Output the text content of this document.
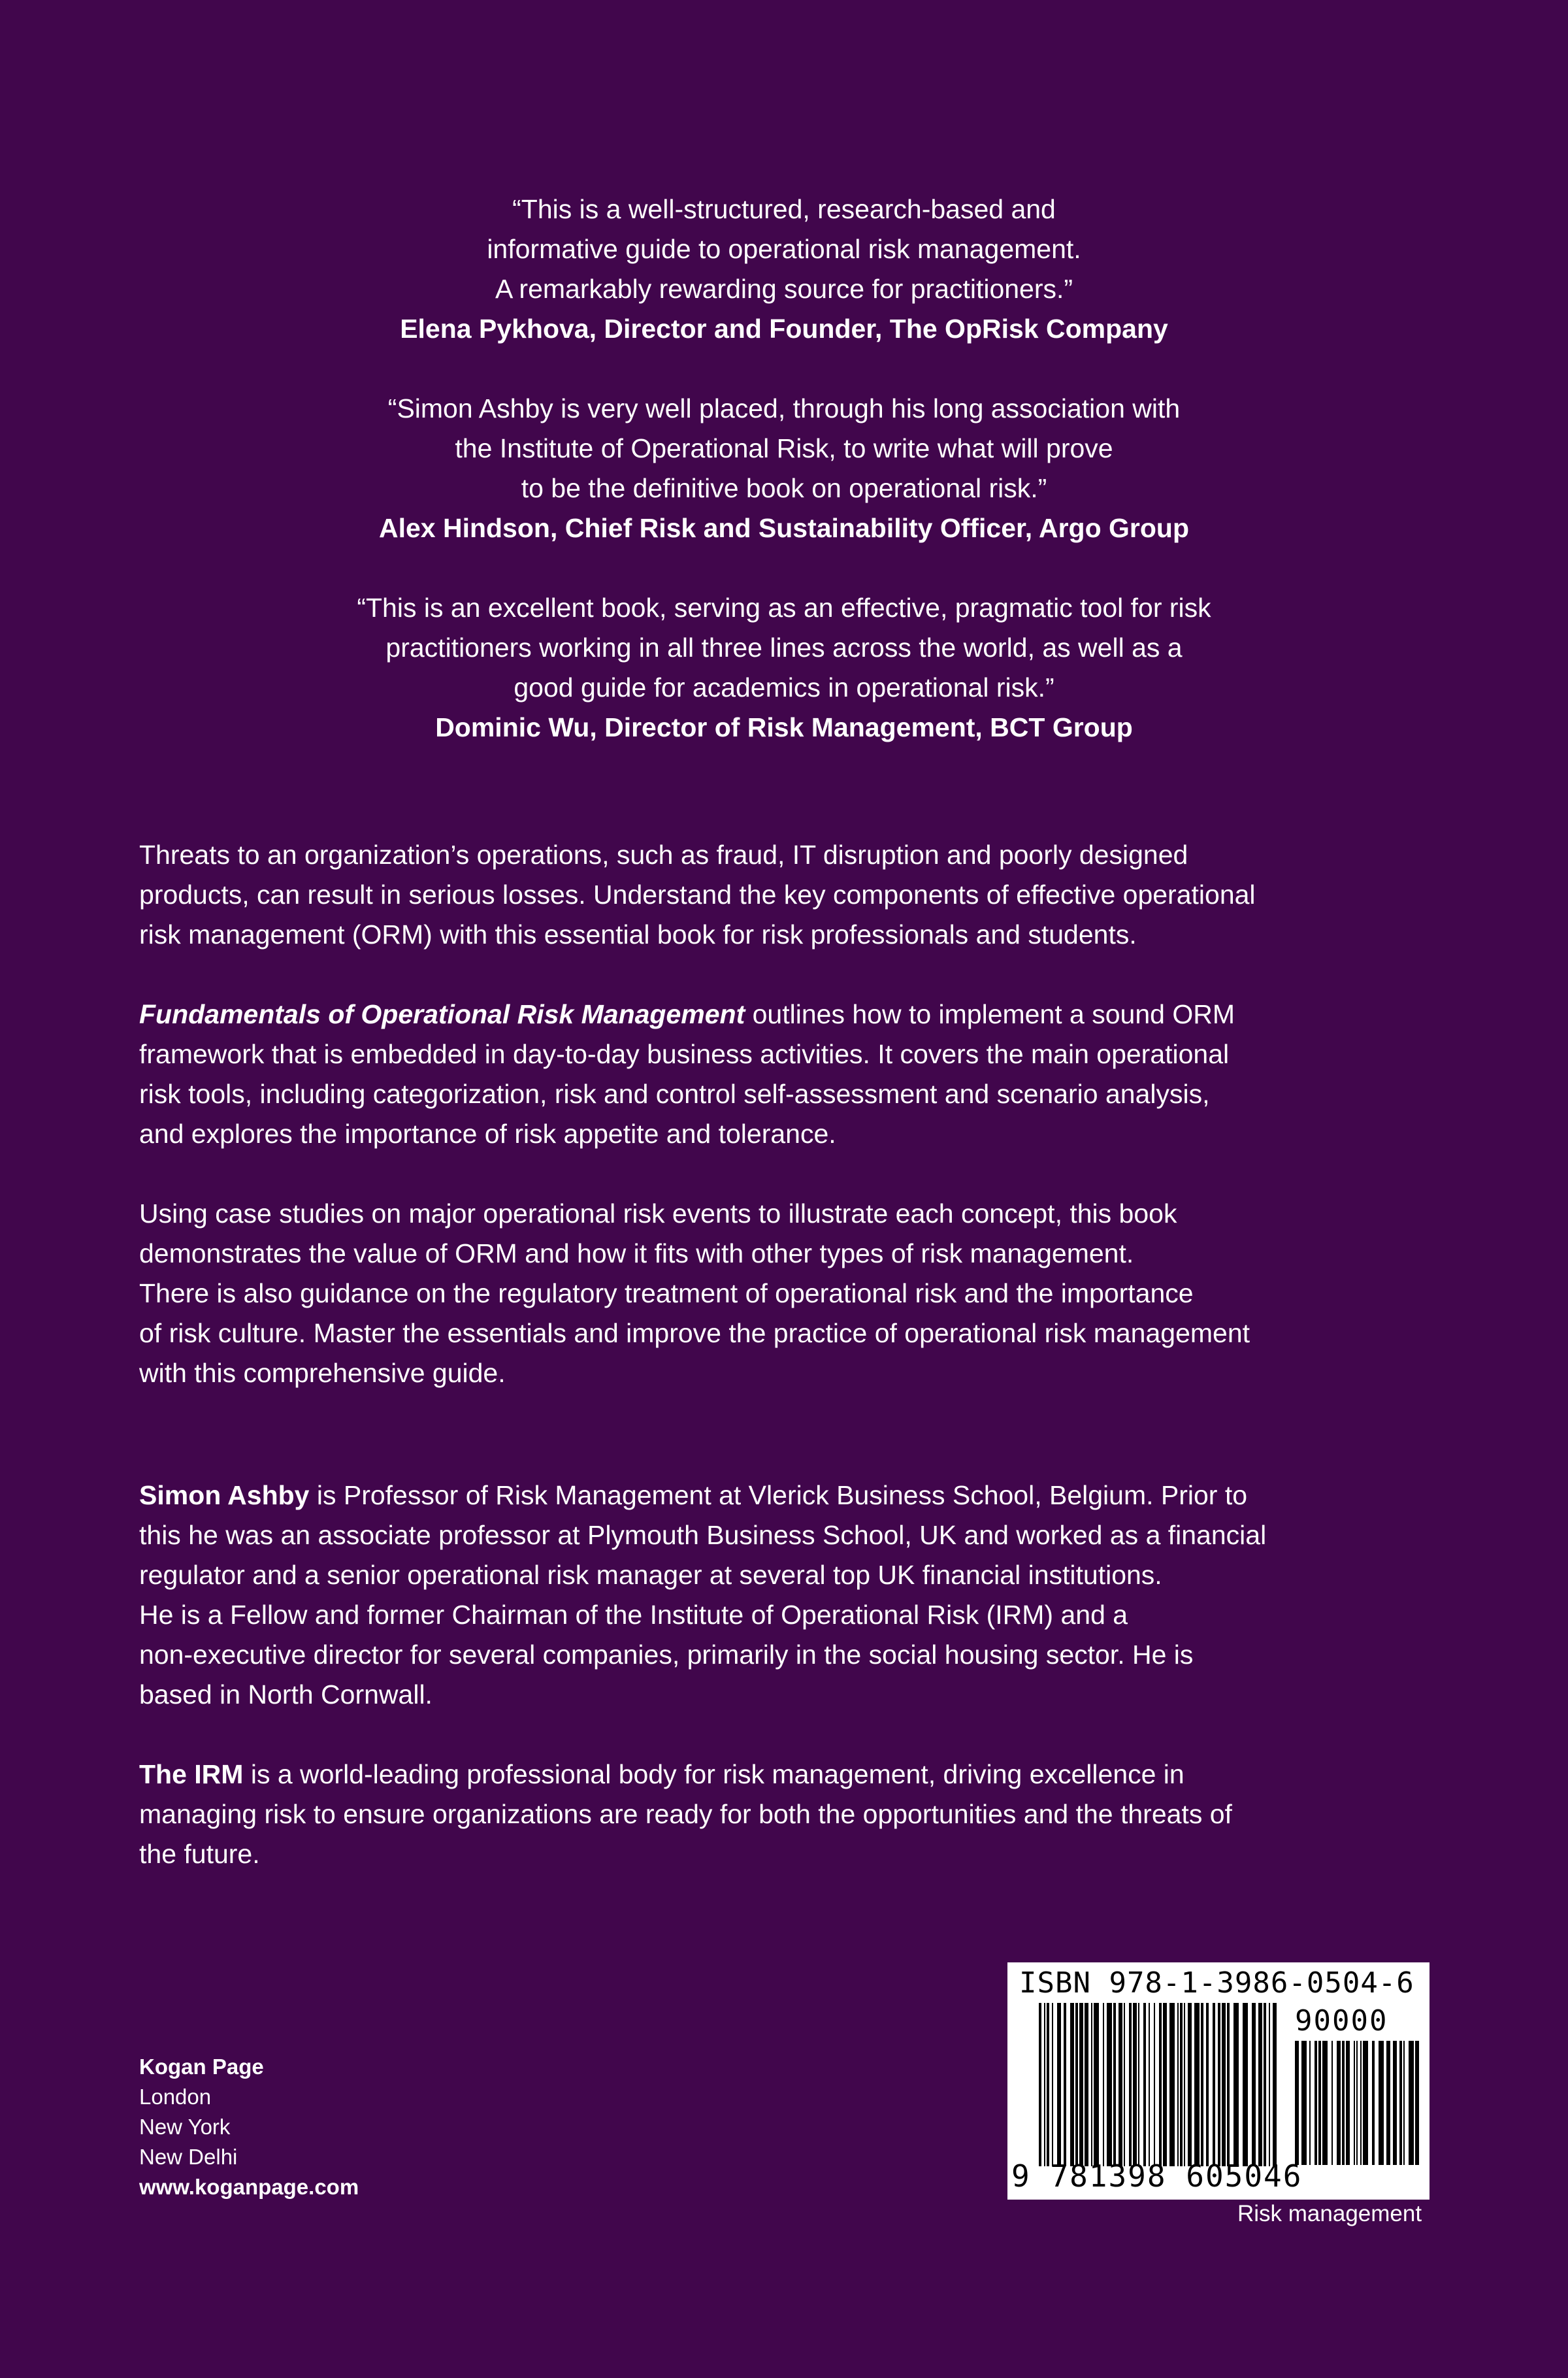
“This is a well-structured, research-based and
informative guide to operational risk management.
A remarkably rewarding source for practitioners.”
Elena Pykhova, Director and Founder, The OpRisk Company
“Simon Ashby is very well placed, through his long association with
the Institute of Operational Risk, to write what will prove
to be the definitive book on operational risk.”
Alex Hindson, Chief Risk and Sustainability Officer, Argo Group
“This is an excellent book, serving as an effective, pragmatic tool for risk
practitioners working in all three lines across the world, as well as a
good guide for academics in operational risk.”
Dominic Wu, Director of Risk Management, BCT Group
Threats to an organization’s operations, such as fraud, IT disruption and poorly designed
products, can result in serious losses. Understand the key components of effective operational
risk management (ORM) with this essential book for risk professionals and students.
Fundamentals of Operational Risk Management outlines how to implement a sound ORM
framework that is embedded in day-to-day business activities. It covers the main operational
risk tools, including categorization, risk and control self-assessment and scenario analysis,
and explores the importance of risk appetite and tolerance.
Using case studies on major operational risk events to illustrate each concept, this book
demonstrates the value of ORM and how it fits with other types of risk management.
There is also guidance on the regulatory treatment of operational risk and the importance
of risk culture. Master the essentials and improve the practice of operational risk management
with this comprehensive guide.
Simon Ashby is Professor of Risk Management at Vlerick Business School, Belgium. Prior to
this he was an associate professor at Plymouth Business School, UK and worked as a financial
regulator and a senior operational risk manager at several top UK financial institutions.
He is a Fellow and former Chairman of the Institute of Operational Risk (IRM) and a
non-executive director for several companies, primarily in the social housing sector. He is
based in North Cornwall.
The IRM is a world-leading professional body for risk management, driving excellence in
managing risk to ensure organizations are ready for both the opportunities and the threats of
the future.
Kogan Page
London
New York
New Delhi
www.koganpage.com
ISBN 978-1-3986-0504-6
90000
9 781398 605046
Risk management
